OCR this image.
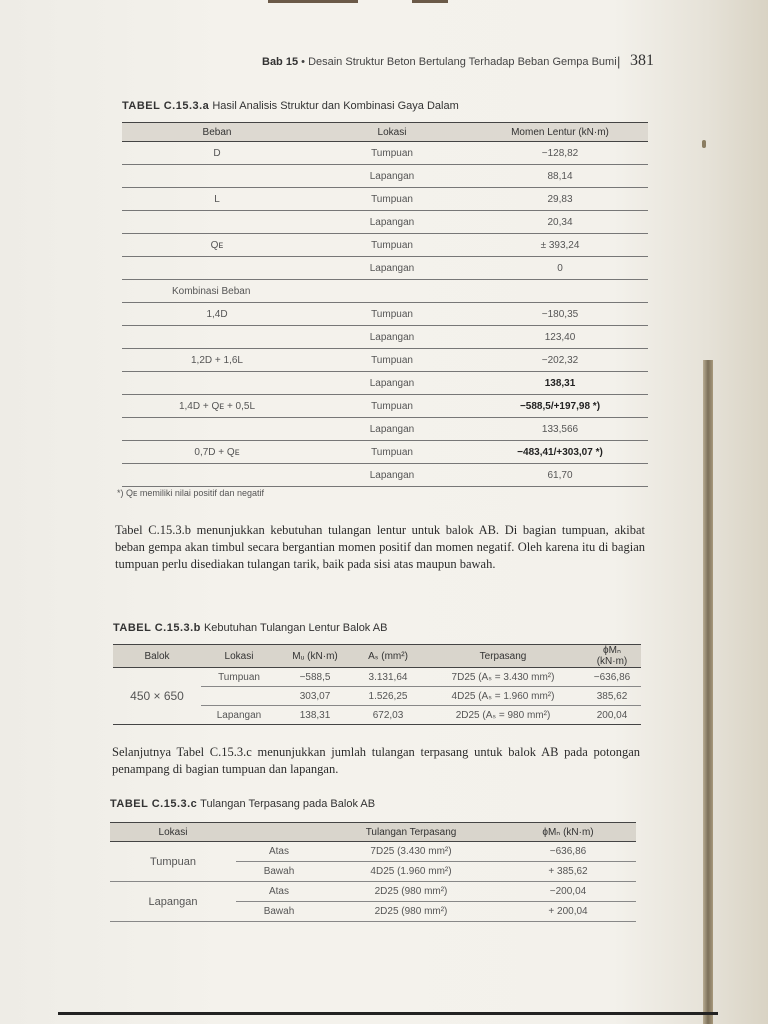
Bab 15 • Desain Struktur Beton Bertulang Terhadap Beban Gempa Bumi | 381
TABEL C.15.3.a Hasil Analisis Struktur dan Kombinasi Gaya Dalam
Beban	Lokasi	Momen Lentur (kN·m)
D	Tumpuan	−128,82
	Lapangan	88,14
L	Tumpuan	29,83
	Lapangan	20,34
Qᴇ	Tumpuan	± 393,24
	Lapangan	0
Kombinasi Beban		
1,4D	Tumpuan	−180,35
	Lapangan	123,40
1,2D + 1,6L	Tumpuan	−202,32
	Lapangan	138,31
1,4D + Qᴇ + 0,5L	Tumpuan	−588,5/+197,98 *)
	Lapangan	133,566
0,7D + Qᴇ	Tumpuan	−483,41/+303,07 *)
	Lapangan	61,70
*) Qᴇ memiliki nilai positif dan negatif
Tabel C.15.3.b menunjukkan kebutuhan tulangan lentur untuk balok AB. Di bagian tumpuan, akibat beban gempa akan timbul secara bergantian momen positif dan momen negatif. Oleh karena itu di bagian tumpuan perlu disediakan tulangan tarik, baik pada sisi atas maupun bawah.
TABEL C.15.3.b Kebutuhan Tulangan Lentur Balok AB
Balok	Lokasi	Mᵤ (kN·m)	Aₛ (mm²)	Terpasang	ϕMₙ (kN·m)
450 × 650	Tumpuan	−588,5	3.131,64	7D25 (Aₛ = 3.430 mm²)	−636,86
		303,07	1.526,25	4D25 (Aₛ = 1.960 mm²)	385,62
	Lapangan	138,31	672,03	2D25 (Aₛ = 980 mm²)	200,04
Selanjutnya Tabel C.15.3.c menunjukkan jumlah tulangan terpasang untuk balok AB pada potongan penampang di bagian tumpuan dan lapangan.
TABEL C.15.3.c Tulangan Terpasang pada Balok AB
Lokasi		Tulangan Terpasang	ϕMₙ (kN·m)
Tumpuan	Atas	7D25 (3.430 mm²)	−636,86
	Bawah	4D25 (1.960 mm²)	+ 385,62
Lapangan	Atas	2D25 (980 mm²)	−200,04
	Bawah	2D25 (980 mm²)	+ 200,04
